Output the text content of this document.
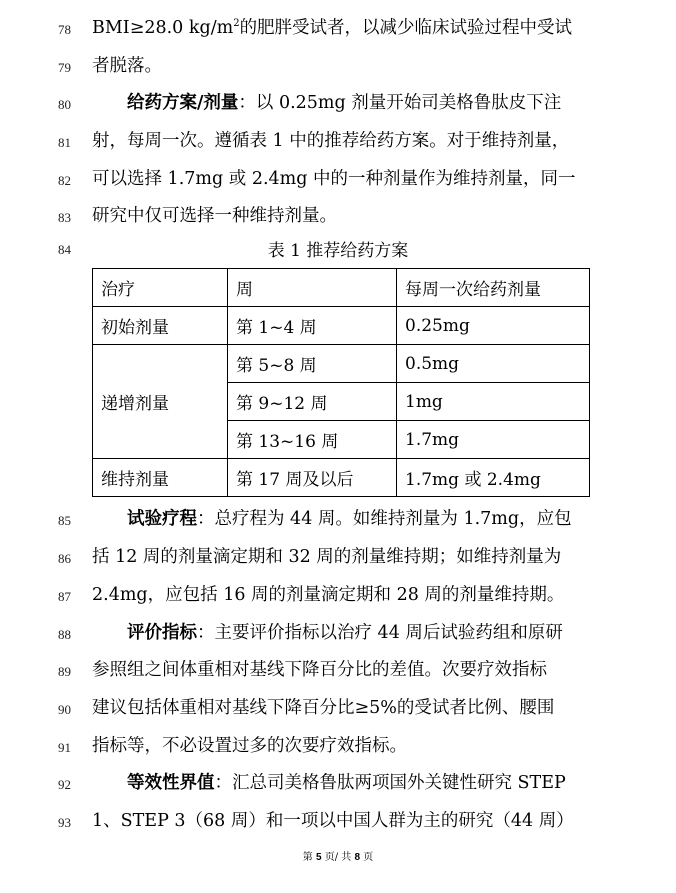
78	BMI≥28.0 $kg/m^2$的肥胖受试者，以减少临床试验过程中受试
79	者脱落。
80	给药方案/剂量：以 0.25mg 剂量开始司美格鲁肽皮下注
81	射，每周一次。遵循表 1 中的推荐给药方案。对于维持剂量，
82	可以选择 1.7mg 或 2.4mg 中的一种剂量作为维持剂量，同一
83	研究中仅可选择一种维持剂量。
84	表 1 推荐给药方案
治疗	周	每周一次给药剂量
初始剂量	第 1~4 周	0.25mg
递增剂量	第 5~8 周	0.5mg
	第 9~12 周	1mg
	第 13~16 周	1.7mg
维持剂量	第 17 周及以后	1.7mg 或 2.4mg
85	试验疗程：总疗程为 44 周。如维持剂量为 1.7mg，应包
86	括 12 周的剂量滴定期和 32 周的剂量维持期；如维持剂量为
87	2.4mg，应包括 16 周的剂量滴定期和 28 周的剂量维持期。
88	评价指标：主要评价指标以治疗 44 周后试验药组和原研
89	参照组之间体重相对基线下降百分比的差值。次要疗效指标
90	建议包括体重相对基线下降百分比≥5%的受试者比例、腰围
91	指标等，不必设置过多的次要疗效指标。
92	等效性界值：汇总司美格鲁肽两项国外关键性研究 STEP
93	1、STEP 3（68 周）和一项以中国人群为主的研究（44 周）
第 5 页/ 共 8 页
